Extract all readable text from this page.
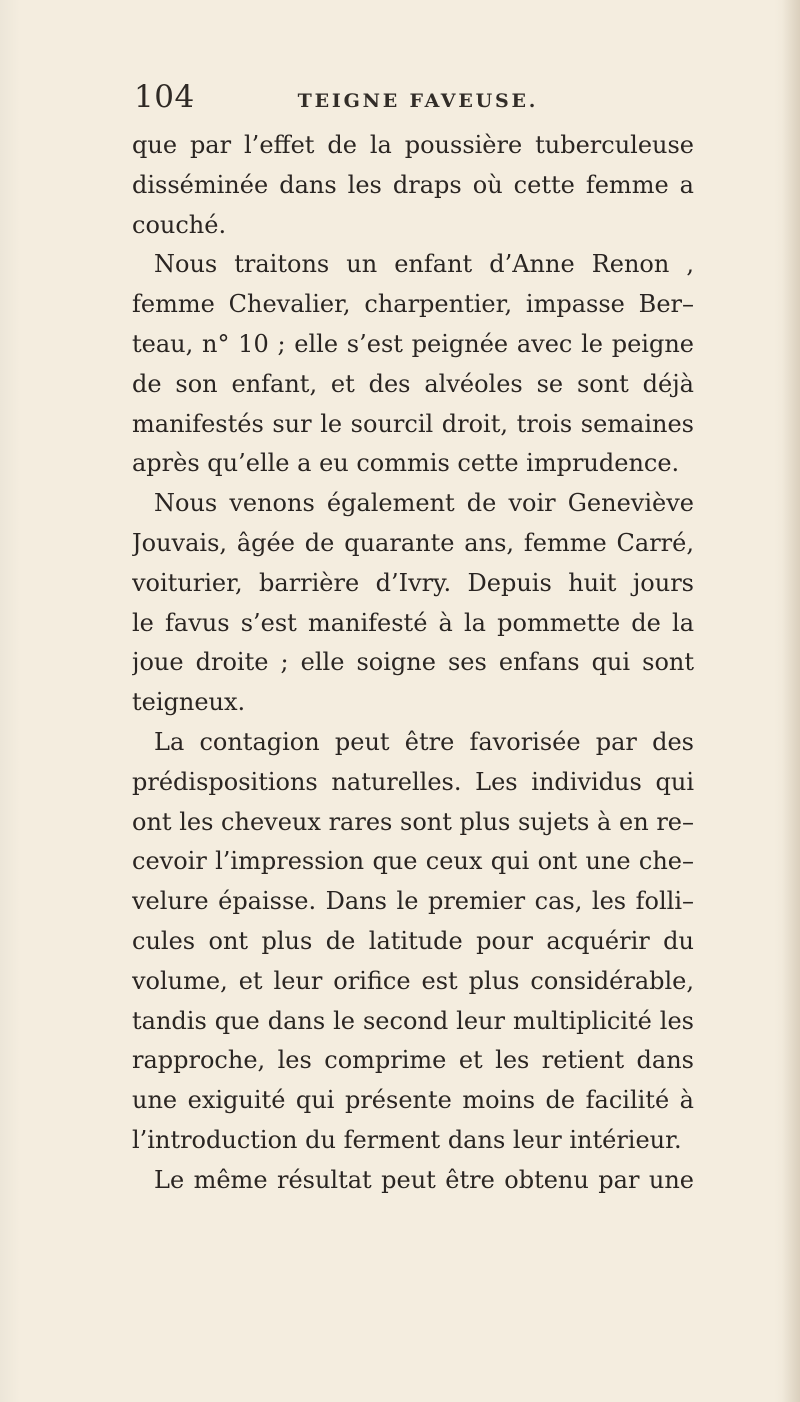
104	TEIGNE FAVEUSE.
que par l’effet de la poussière tuberculeuse
disséminée dans les draps où cette femme a
couché.
Nous traitons un enfant d’Anne Renon ,
femme Chevalier, charpentier, impasse Ber–
teau, n° 10 ; elle s’est peignée avec le peigne
de son enfant, et des alvéoles se sont déjà
manifestés sur le sourcil droit, trois semaines
après qu’elle a eu commis cette imprudence.
Nous venons également de voir Geneviève
Jouvais, âgée de quarante ans, femme Carré,
voiturier, barrière d’Ivry. Depuis huit jours
le favus s’est manifesté à la pommette de la
joue droite ; elle soigne ses enfans qui sont
teigneux.
La contagion peut être favorisée par des
prédispositions naturelles. Les individus qui
ont les cheveux rares sont plus sujets à en re–
cevoir l’impression que ceux qui ont une che–
velure épaisse. Dans le premier cas, les folli–
cules ont plus de latitude pour acquérir du
volume, et leur orifice est plus considérable,
tandis que dans le second leur multiplicité les
rapproche, les comprime et les retient dans
une exiguité qui présente moins de facilité à
l’introduction du ferment dans leur intérieur.
Le même résultat peut être obtenu par une
